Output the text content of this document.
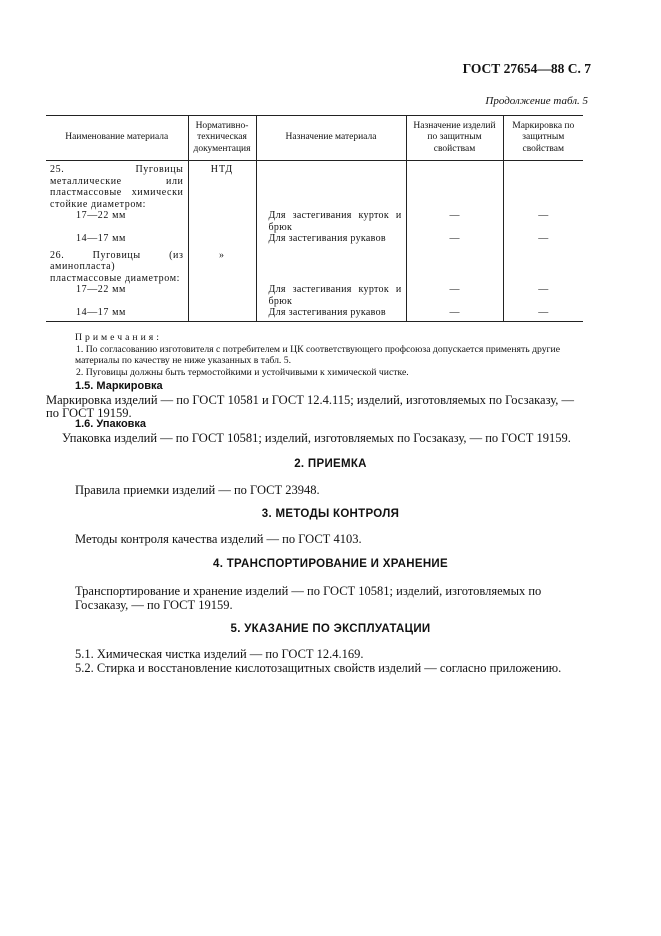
ГОСТ 27654—88 С. 7
Продолжение табл. 5
Наименование материала	Нормативно-техническая документация	Назначение материала	Назначение изделий по защитным свойствам	Маркировка по защитным свойствам
25. Пуговицы металлические или пластмассовые химически стойкие диаметром:	НТД			

17—22 мм		Для застегивания курток и брюк	—	—

14—17 мм		Для застегивания рукавов	—	—
26. Пуговицы (из аминопласта) пластмассовые диаметром:	»			

17—22 мм		Для застегивания курток и брюк	—	—

14—17 мм		Для застегивания рукавов	—	—
Примечания:
1. По согласованию изготовителя с потребителем и ЦК соответствующего профсоюза допускается применять другие материалы по качеству не ниже указанных в табл. 5.
2. Пуговицы должны быть термостойкими и устойчивыми к химической чистке.
1.5. Маркировка
Маркировка изделий — по ГОСТ 10581 и ГОСТ 12.4.115; изделий, изготовляемых по Госзаказу, — по ГОСТ 19159.
1.6. Упаковка
Упаковка изделий — по ГОСТ 10581; изделий, изготовляемых по Госзаказу, — по ГОСТ 19159.
2. ПРИЕМКА
Правила приемки изделий — по ГОСТ 23948.
3. МЕТОДЫ КОНТРОЛЯ
Методы контроля качества изделий — по ГОСТ 4103.
4. ТРАНСПОРТИРОВАНИЕ И ХРАНЕНИЕ
Транспортирование и хранение изделий — по ГОСТ 10581; изделий, изготовляемых по Госзаказу, — по ГОСТ 19159.
5. УКАЗАНИЕ ПО ЭКСПЛУАТАЦИИ
5.1. Химическая чистка изделий — по ГОСТ 12.4.169.
5.2. Стирка и восстановление кислотозащитных свойств изделий — согласно приложению.
